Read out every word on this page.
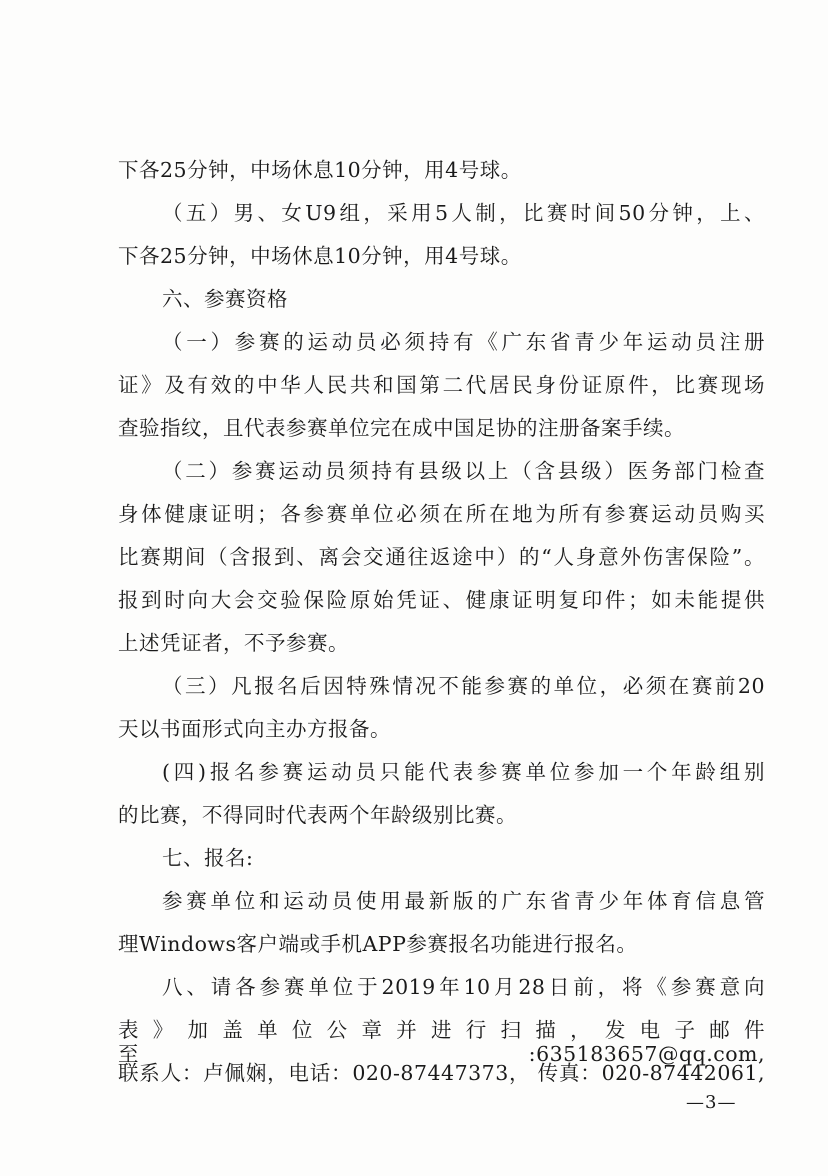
下各25分钟，中场休息10分钟，用4号球。
（五）男、女U9组，采用5人制，比赛时间50分钟，上、
下各25分钟，中场休息10分钟，用4号球。
六、参赛资格
（一）参赛的运动员必须持有《广东省青少年运动员注册
证》及有效的中华人民共和国第二代居民身份证原件，比赛现场
查验指纹，且代表参赛单位完在成中国足协的注册备案手续。
（二）参赛运动员须持有县级以上（含县级）医务部门检查
身体健康证明；各参赛单位必须在所在地为所有参赛运动员购买
比赛期间（含报到、离会交通往返途中）的“人身意外伤害保险”。
报到时向大会交验保险原始凭证、健康证明复印件；如未能提供
上述凭证者，不予参赛。
（三）凡报名后因特殊情况不能参赛的单位，必须在赛前20
天以书面形式向主办方报备。
(四)报名参赛运动员只能代表参赛单位参加一个年龄组别
的比赛，不得同时代表两个年龄级别比赛。
七、报名:
参赛单位和运动员使用最新版的广东省青少年体育信息管
理Windows客户端或手机APP参赛报名功能进行报名。
八、请各参赛单位于2019年10月28日前，将《参赛意向
表》加盖单位公章并进行扫描，发电子邮件至:635183657@qq.com,
联系人：卢佩娴，电话：020-87447373， 传真：020-87442061,
—3—
